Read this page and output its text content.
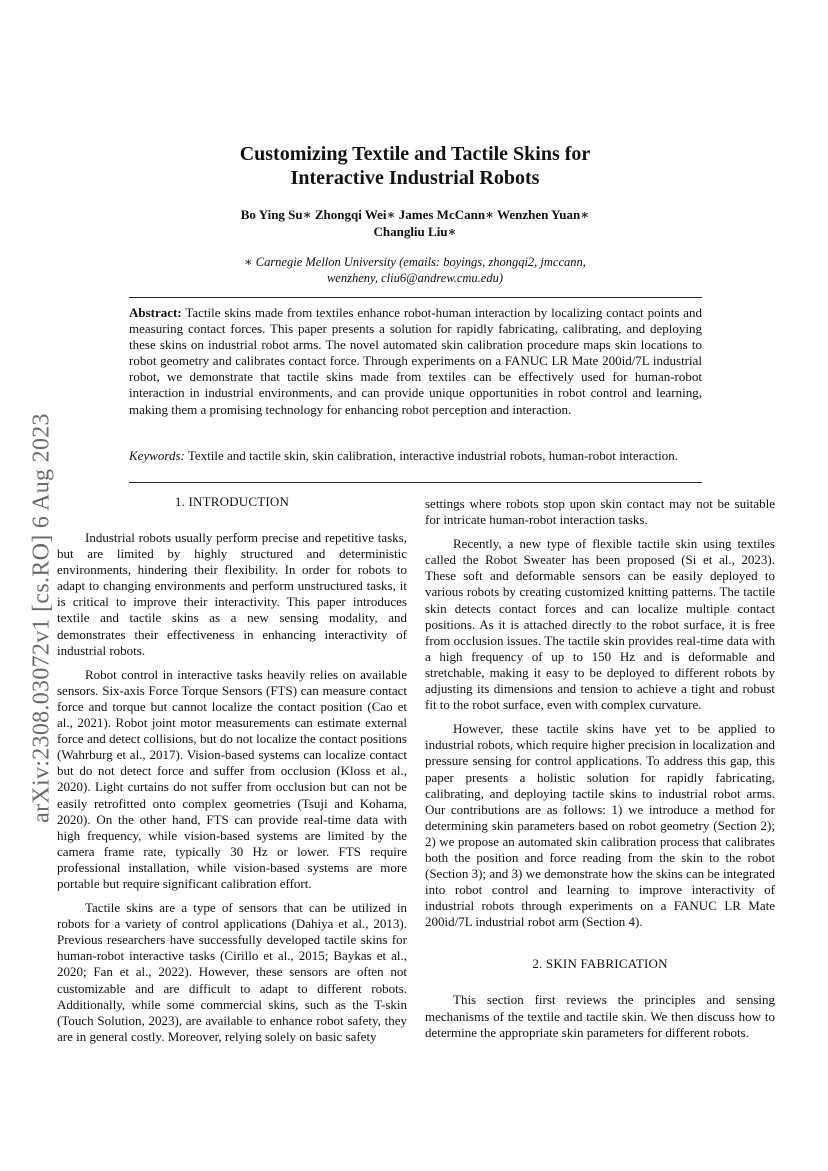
arXiv:2308.03072v1 [cs.RO] 6 Aug 2023
Customizing Textile and Tactile Skins for
Interactive Industrial Robots
Bo Ying Su∗ Zhongqi Wei∗ James McCann∗ Wenzhen Yuan∗
Changliu Liu∗
∗ Carnegie Mellon University (emails: boyings, zhongqi2, jmccann,
wenzheny, cliu6@andrew.cmu.edu)
Abstract: Tactile skins made from textiles enhance robot-human interaction by localizing contact points and measuring contact forces. This paper presents a solution for rapidly fabricating, calibrating, and deploying these skins on industrial robot arms. The novel automated skin calibration procedure maps skin locations to robot geometry and calibrates contact force. Through experiments on a FANUC LR Mate 200id/7L industrial robot, we demonstrate that tactile skins made from textiles can be effectively used for human-robot interaction in industrial environments, and can provide unique opportunities in robot control and learning, making them a promising technology for enhancing robot perception and interaction.
Keywords: Textile and tactile skin, skin calibration, interactive industrial robots, human-robot interaction.
1. INTRODUCTION

Industrial robots usually perform precise and repetitive tasks, but are limited by highly structured and deterministic environments, hindering their flexibility. In order for robots to adapt to changing environments and perform unstructured tasks, it is critical to improve their interactivity. This paper introduces textile and tactile skins as a new sensing modality, and demonstrates their effectiveness in enhancing interactivity of industrial robots.

Robot control in interactive tasks heavily relies on available sensors. Six-axis Force Torque Sensors (FTS) can measure contact force and torque but cannot localize the contact position (Cao et al., 2021). Robot joint motor measurements can estimate external force and detect collisions, but do not localize the contact positions (Wahrburg et al., 2017). Vision-based systems can localize contact but do not detect force and suffer from occlusion (Kloss et al., 2020). Light curtains do not suffer from occlusion but can not be easily retrofitted onto complex geometries (Tsuji and Kohama, 2020). On the other hand, FTS can provide real-time data with high frequency, while vision-based systems are limited by the camera frame rate, typically 30 Hz or lower. FTS require professional installation, while vision-based systems are more portable but require significant calibration effort.

Tactile skins are a type of sensors that can be utilized in robots for a variety of control applications (Dahiya et al., 2013). Previous researchers have successfully developed tactile skins for human-robot interactive tasks (Cirillo et al., 2015; Baykas et al., 2020; Fan et al., 2022). However, these sensors are often not customizable and are difficult to adapt to different robots. Additionally, while some commercial skins, such as the T-skin (Touch Solution, 2023), are available to enhance robot safety, they are in general costly. Moreover, relying solely on basic safety

settings where robots stop upon skin contact may not be suitable for intricate human-robot interaction tasks.

Recently, a new type of flexible tactile skin using textiles called the Robot Sweater has been proposed (Si et al., 2023). These soft and deformable sensors can be easily deployed to various robots by creating customized knitting patterns. The tactile skin detects contact forces and can localize multiple contact positions. As it is attached directly to the robot surface, it is free from occlusion issues. The tactile skin provides real-time data with a high frequency of up to 150 Hz and is deformable and stretchable, making it easy to be deployed to different robots by adjusting its dimensions and tension to achieve a tight and robust fit to the robot surface, even with complex curvature.

However, these tactile skins have yet to be applied to industrial robots, which require higher precision in localization and pressure sensing for control applications. To address this gap, this paper presents a holistic solution for rapidly fabricating, calibrating, and deploying tactile skins to industrial robot arms. Our contributions are as follows: 1) we introduce a method for determining skin parameters based on robot geometry (Section 2); 2) we propose an automated skin calibration process that calibrates both the position and force reading from the skin to the robot (Section 3); and 3) we demonstrate how the skins can be integrated into robot control and learning to improve interactivity of industrial robots through experiments on a FANUC LR Mate 200id/7L industrial robot arm (Section 4).

2. SKIN FABRICATION

This section first reviews the principles and sensing mechanisms of the textile and tactile skin. We then discuss how to determine the appropriate skin parameters for different robots.
